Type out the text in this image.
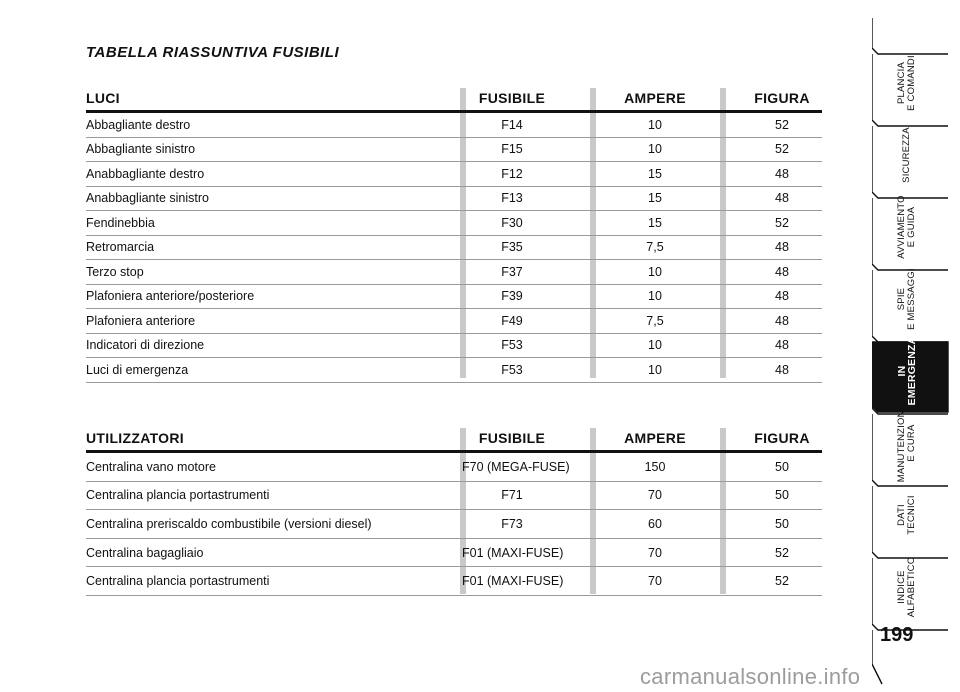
TABELLA RIASSUNTIVA FUSIBILI
LUCI	FUSIBILE	AMPERE	FIGURA
Abbagliante destro	F14	10	52
Abbagliante sinistro	F15	10	52
Anabbagliante destro	F12	15	48
Anabbagliante sinistro	F13	15	48
Fendinebbia	F30	15	52
Retromarcia	F35	7,5	48
Terzo stop	F37	10	48
Plafoniera anteriore/posteriore	F39	10	48
Plafoniera anteriore	F49	7,5	48
Indicatori di direzione	F53	10	48
Luci di emergenza	F53	10	48
UTILIZZATORI	FUSIBILE	AMPERE	FIGURA
Centralina vano motore	F70 (MEGA-FUSE)	150	50
Centralina plancia portastrumenti	F71	70	50
Centralina preriscaldo combustibile (versioni diesel)	F73	60	50
Centralina bagagliaio	F01 (MAXI-FUSE)	70	52
Centralina plancia portastrumenti	F01 (MAXI-FUSE)	70	52
PLANCIA
E COMANDI
SICUREZZA
AVVIAMENTO
E GUIDA
SPIE
E MESSAGGI
IN
EMERGENZA
MANUTENZIONE
E CURA
DATI
TECNICI
INDICE
ALFABETICO
199
carmanualsonline.info
